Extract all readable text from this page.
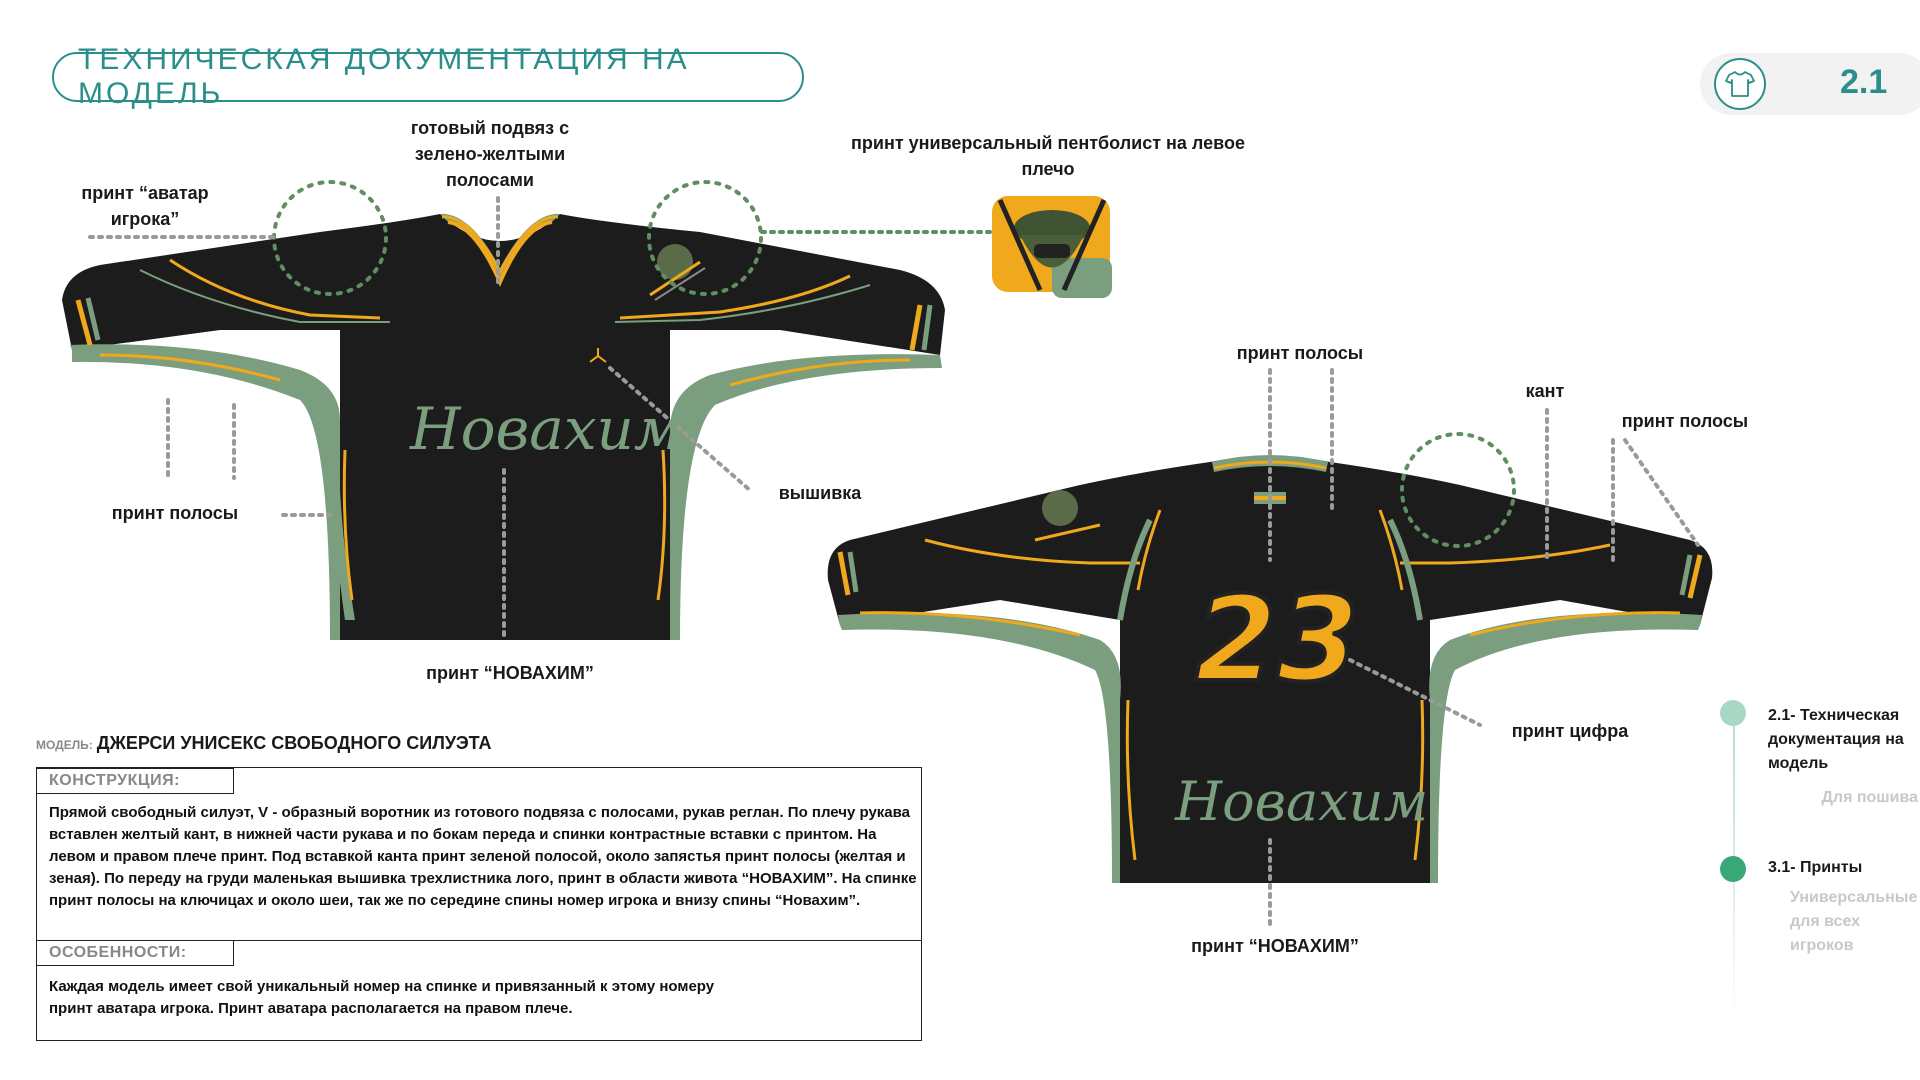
ТЕХНИЧЕСКАЯ ДОКУМЕНТАЦИЯ НА МОДЕЛЬ	2.1
Новахим
Новахим
23
готовый подвяз с зелено-желтыми полосами
принт “аватар игрока”
принт полосы
вышивка
принт “НОВАХИМ”
принт универсальный пентболист на левое плечо
принт полосы
кант
принт полосы
принт цифра
принт “НОВАХИМ”
МОДЕЛЬ: ДЖЕРСИ УНИСЕКС СВОБОДНОГО СИЛУЭТА
КОНСТРУКЦИЯ:
Прямой свободный силуэт, V - образный воротник из готового подвяза с полосами, рукав реглан. По плечу рукава вставлен желтый кант, в нижней части рукава и по бокам переда и спинки контрастные вставки с принтом. На левом и правом плече принт. Под вставкой канта принт зеленой полосой, около запястья принт полосы (желтая и зеная). По переду на груди маленькая вышивка трехлистника лого, принт в области живота “НОВАХИМ”. На спинке принт полосы на ключицах и около шеи, так же по середине спины номер игрока и внизу спины “Новахим”.
ОСОБЕННОСТИ:
Каждая модель имеет свой уникальный номер на спинке и привязанный к этому номеру принт аватара игрока. Принт аватара располагается на правом плече.
2.1- Техническая документация на модель
Для пошива
3.1- Принты
Универсальные для всех игроков
